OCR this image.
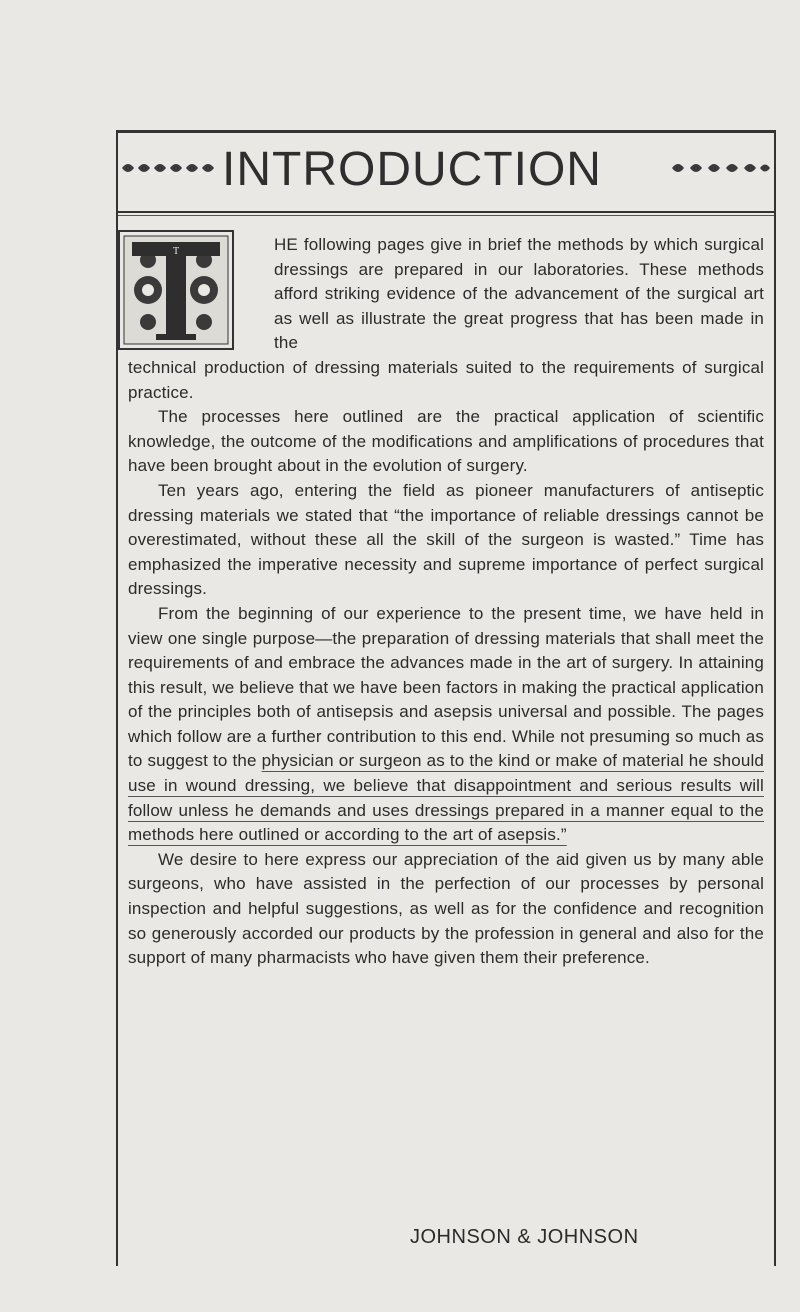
INTRODUCTION
T	HE following pages give in brief the methods by which surgical dressings are prepared in our laboratories. These methods afford striking evidence of the advancement of the surgical art as well as illustrate the great progress that has been made in the
technical production of dressing materials suited to the requirements of surgical practice.

The processes here outlined are the practical application of scientific knowledge, the outcome of the modifications and amplifications of procedures that have been brought about in the evolution of surgery.

Ten years ago, entering the field as pioneer manufacturers of antiseptic dressing materials we stated that “the importance of reliable dressings cannot be overestimated, without these all the skill of the surgeon is wasted.” Time has emphasized the imperative necessity and supreme importance of perfect surgical dressings.

From the beginning of our experience to the present time, we have held in view one single purpose—the preparation of dressing materials that shall meet the requirements of and embrace the advances made in the art of surgery. In attaining this result, we believe that we have been factors in making the practical application of the principles both of antisepsis and asepsis universal and possible. The pages which follow are a further contribution to this end. While not presuming so much as to suggest to the physician or surgeon as to the kind or make of material he should use in wound dressing, we believe that disappointment and serious results will follow unless he demands and uses dressings prepared in a manner equal to the methods here outlined or according to the art of asepsis.”

We desire to here express our appreciation of the aid given us by many able surgeons, who have assisted in the perfection of our processes by personal inspection and helpful suggestions, as well as for the confidence and recognition so generously accorded our products by the profession in general and also for the support of many pharmacists who have given them their preference.

JOHNSON & JOHNSON
